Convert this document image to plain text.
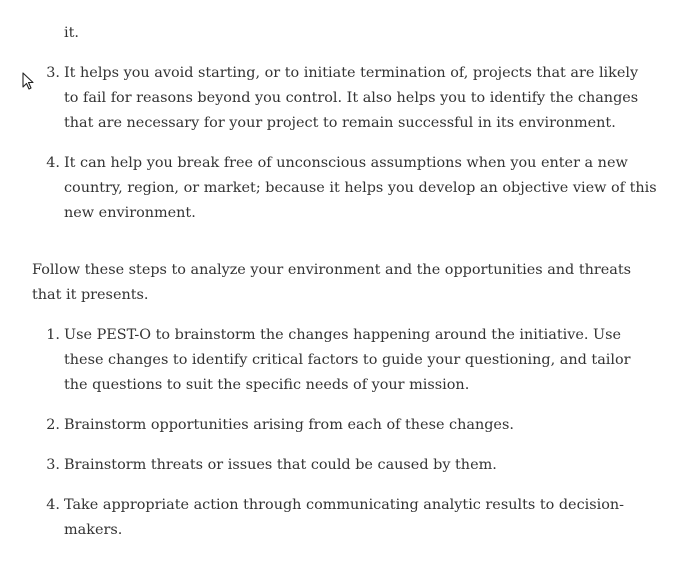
it.
3. It helps you avoid starting, or to initiate termination of, projects that are likely
to fail for reasons beyond you control. It also helps you to identify the changes
that are necessary for your project to remain successful in its environment.
4. It can help you break free of unconscious assumptions when you enter a new
country, region, or market; because it helps you develop an objective view of this
new environment.
Follow these steps to analyze your environment and the opportunities and threats
that it presents.
1. Use PEST-O to brainstorm the changes happening around the initiative. Use
these changes to identify critical factors to guide your questioning, and tailor
the questions to suit the specific needs of your mission.
2. Brainstorm opportunities arising from each of these changes.
3. Brainstorm threats or issues that could be caused by them.
4. Take appropriate action through communicating analytic results to decision-
makers.
